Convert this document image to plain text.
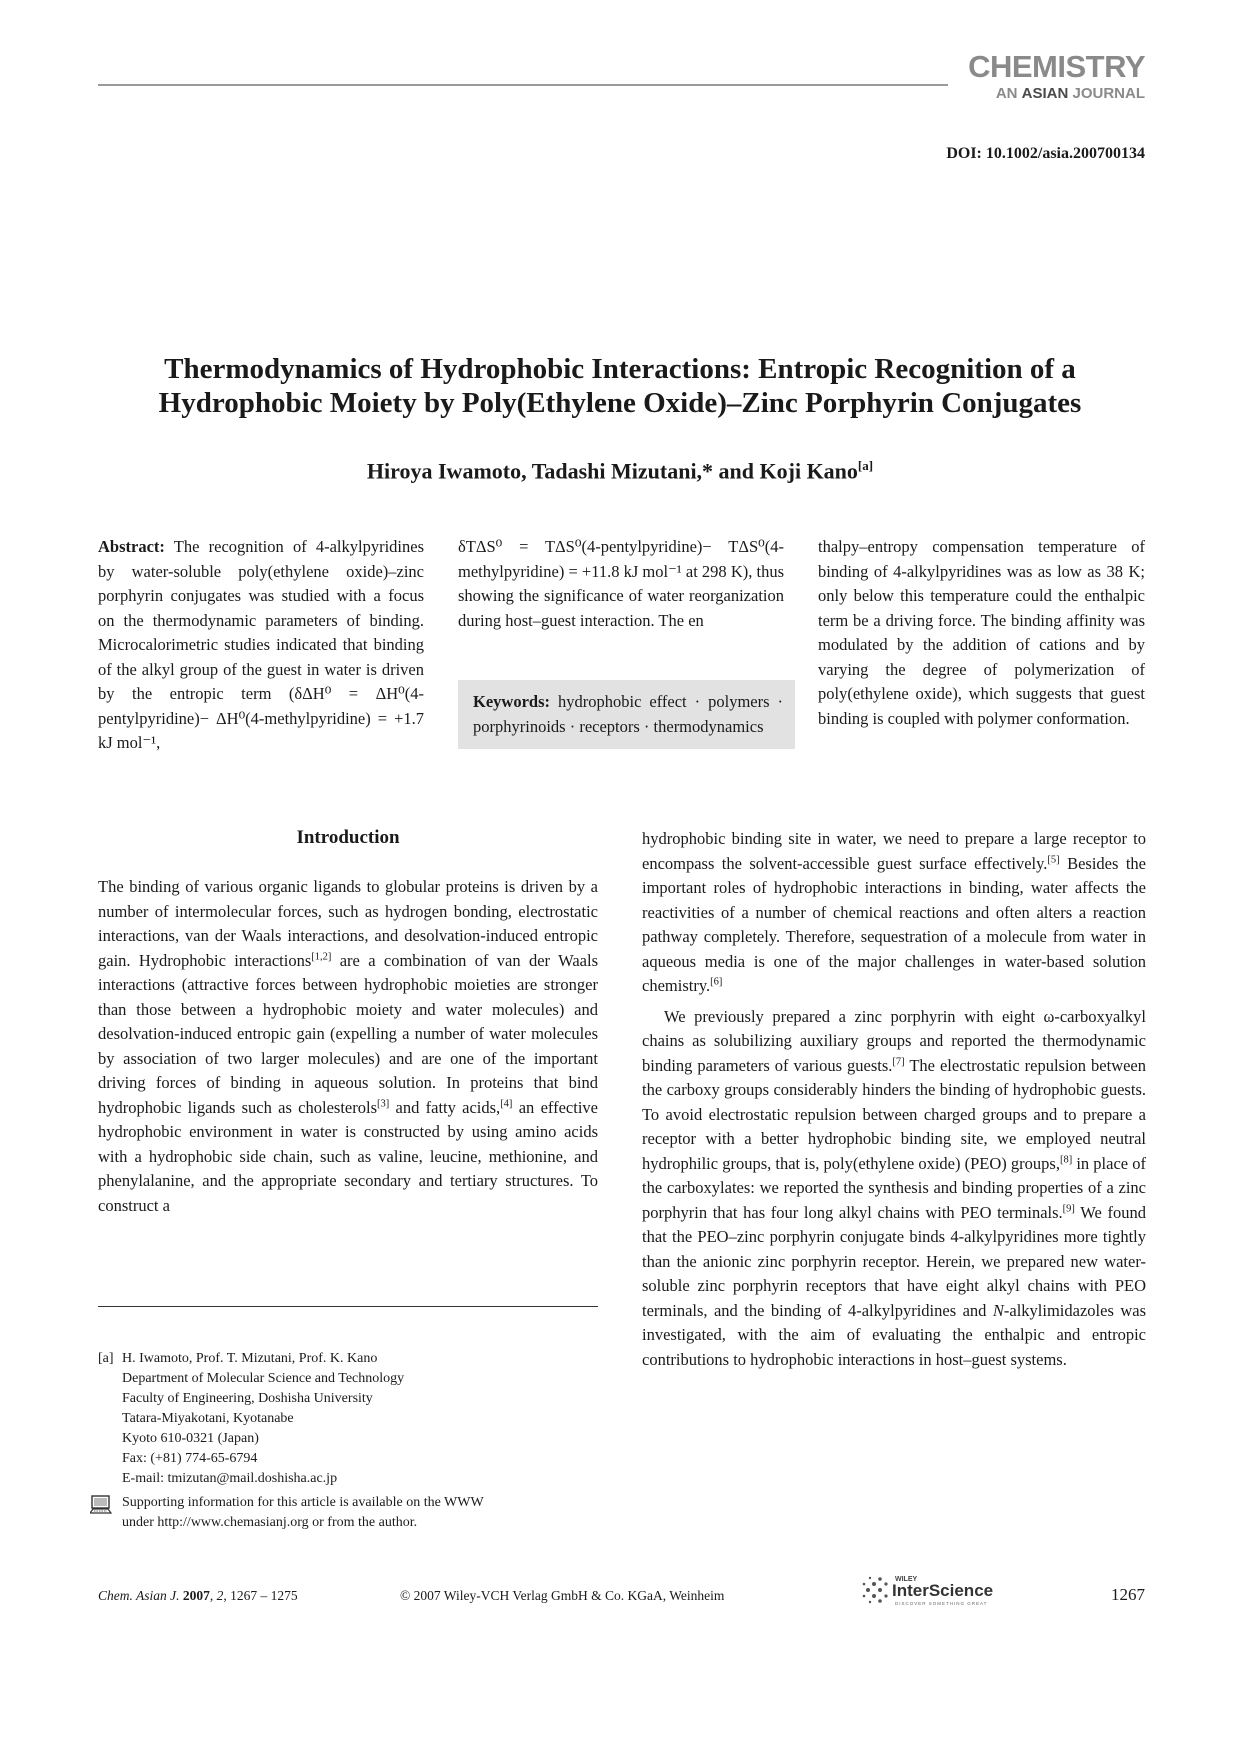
CHEMISTRY
AN ASIAN JOURNAL
DOI: 10.1002/asia.200700134
Thermodynamics of Hydrophobic Interactions: Entropic Recognition of a
Hydrophobic Moiety by Poly(Ethylene Oxide)–Zinc Porphyrin Conjugates
Hiroya Iwamoto, Tadashi Mizutani,* and Koji Kano[a]
Abstract: The recognition of 4-alkylpyridines by water-soluble poly(ethylene oxide)–zinc porphyrin conjugates was studied with a focus on the thermodynamic parameters of binding. Microcalorimetric studies indicated that binding of the alkyl group of the guest in water is driven by the entropic term (δΔH⁰ = ΔH⁰(4-pentylpyridine)− ΔH⁰(4-methylpyridine) = +1.7 kJ mol⁻¹,
δTΔS⁰ = TΔS⁰(4-pentylpyridine)− TΔS⁰(4-methylpyridine) = +11.8 kJ mol⁻¹ at 298 K), thus showing the significance of water reorganization during host–guest interaction. The en
Keywords: hydrophobic effect · polymers · porphyrinoids · receptors · thermodynamics
thalpy–entropy compensation temperature of binding of 4-alkylpyridines was as low as 38 K; only below this temperature could the enthalpic term be a driving force. The binding affinity was modulated by the addition of cations and by varying the degree of polymerization of poly(ethylene oxide), which suggests that guest binding is coupled with polymer conformation.
Introduction
The binding of various organic ligands to globular proteins is driven by a number of intermolecular forces, such as hydrogen bonding, electrostatic interactions, van der Waals interactions, and desolvation-induced entropic gain. Hydrophobic interactions[1,2] are a combination of van der Waals interactions (attractive forces between hydrophobic moieties are stronger than those between a hydrophobic moiety and water molecules) and desolvation-induced entropic gain (expelling a number of water molecules by association of two larger molecules) and are one of the important driving forces of binding in aqueous solution. In proteins that bind hydrophobic ligands such as cholesterols[3] and fatty acids,[4] an effective hydrophobic environment in water is constructed by using amino acids with a hydrophobic side chain, such as valine, leucine, methionine, and phenylalanine, and the appropriate secondary and tertiary structures. To construct a
hydrophobic binding site in water, we need to prepare a large receptor to encompass the solvent-accessible guest surface effectively.[5] Besides the important roles of hydrophobic interactions in binding, water affects the reactivities of a number of chemical reactions and often alters a reaction pathway completely. Therefore, sequestration of a molecule from water in aqueous media is one of the major challenges in water-based solution chemistry.[6]
We previously prepared a zinc porphyrin with eight ω-carboxyalkyl chains as solubilizing auxiliary groups and reported the thermodynamic binding parameters of various guests.[7] The electrostatic repulsion between the carboxy groups considerably hinders the binding of hydrophobic guests. To avoid electrostatic repulsion between charged groups and to prepare a receptor with a better hydrophobic binding site, we employed neutral hydrophilic groups, that is, poly(ethylene oxide) (PEO) groups,[8] in place of the carboxylates: we reported the synthesis and binding properties of a zinc porphyrin that has four long alkyl chains with PEO terminals.[9] We found that the PEO–zinc porphyrin conjugate binds 4-alkylpyridines more tightly than the anionic zinc porphyrin receptor. Herein, we prepared new water-soluble zinc porphyrin receptors that have eight alkyl chains with PEO terminals, and the binding of 4-alkylpyridines and N-alkylimidazoles was investigated, with the aim of evaluating the enthalpic and entropic contributions to hydrophobic interactions in host–guest systems.
[a] H. Iwamoto, Prof. T. Mizutani, Prof. K. Kano
Department of Molecular Science and Technology
Faculty of Engineering, Doshisha University
Tatara-Miyakotani, Kyotanabe
Kyoto 610-0321 (Japan)
Fax: (+81) 774-65-6794
E-mail: tmizutan@mail.doshisha.ac.jp
Supporting information for this article is available on the WWW
under http://www.chemasianj.org or from the author.
Chem. Asian J. 2007, 2, 1267 – 1275	© 2007 Wiley-VCH Verlag GmbH & Co. KGaA, Weinheim
WILEY
InterScience
DISCOVER SOMETHING GREAT	1267
